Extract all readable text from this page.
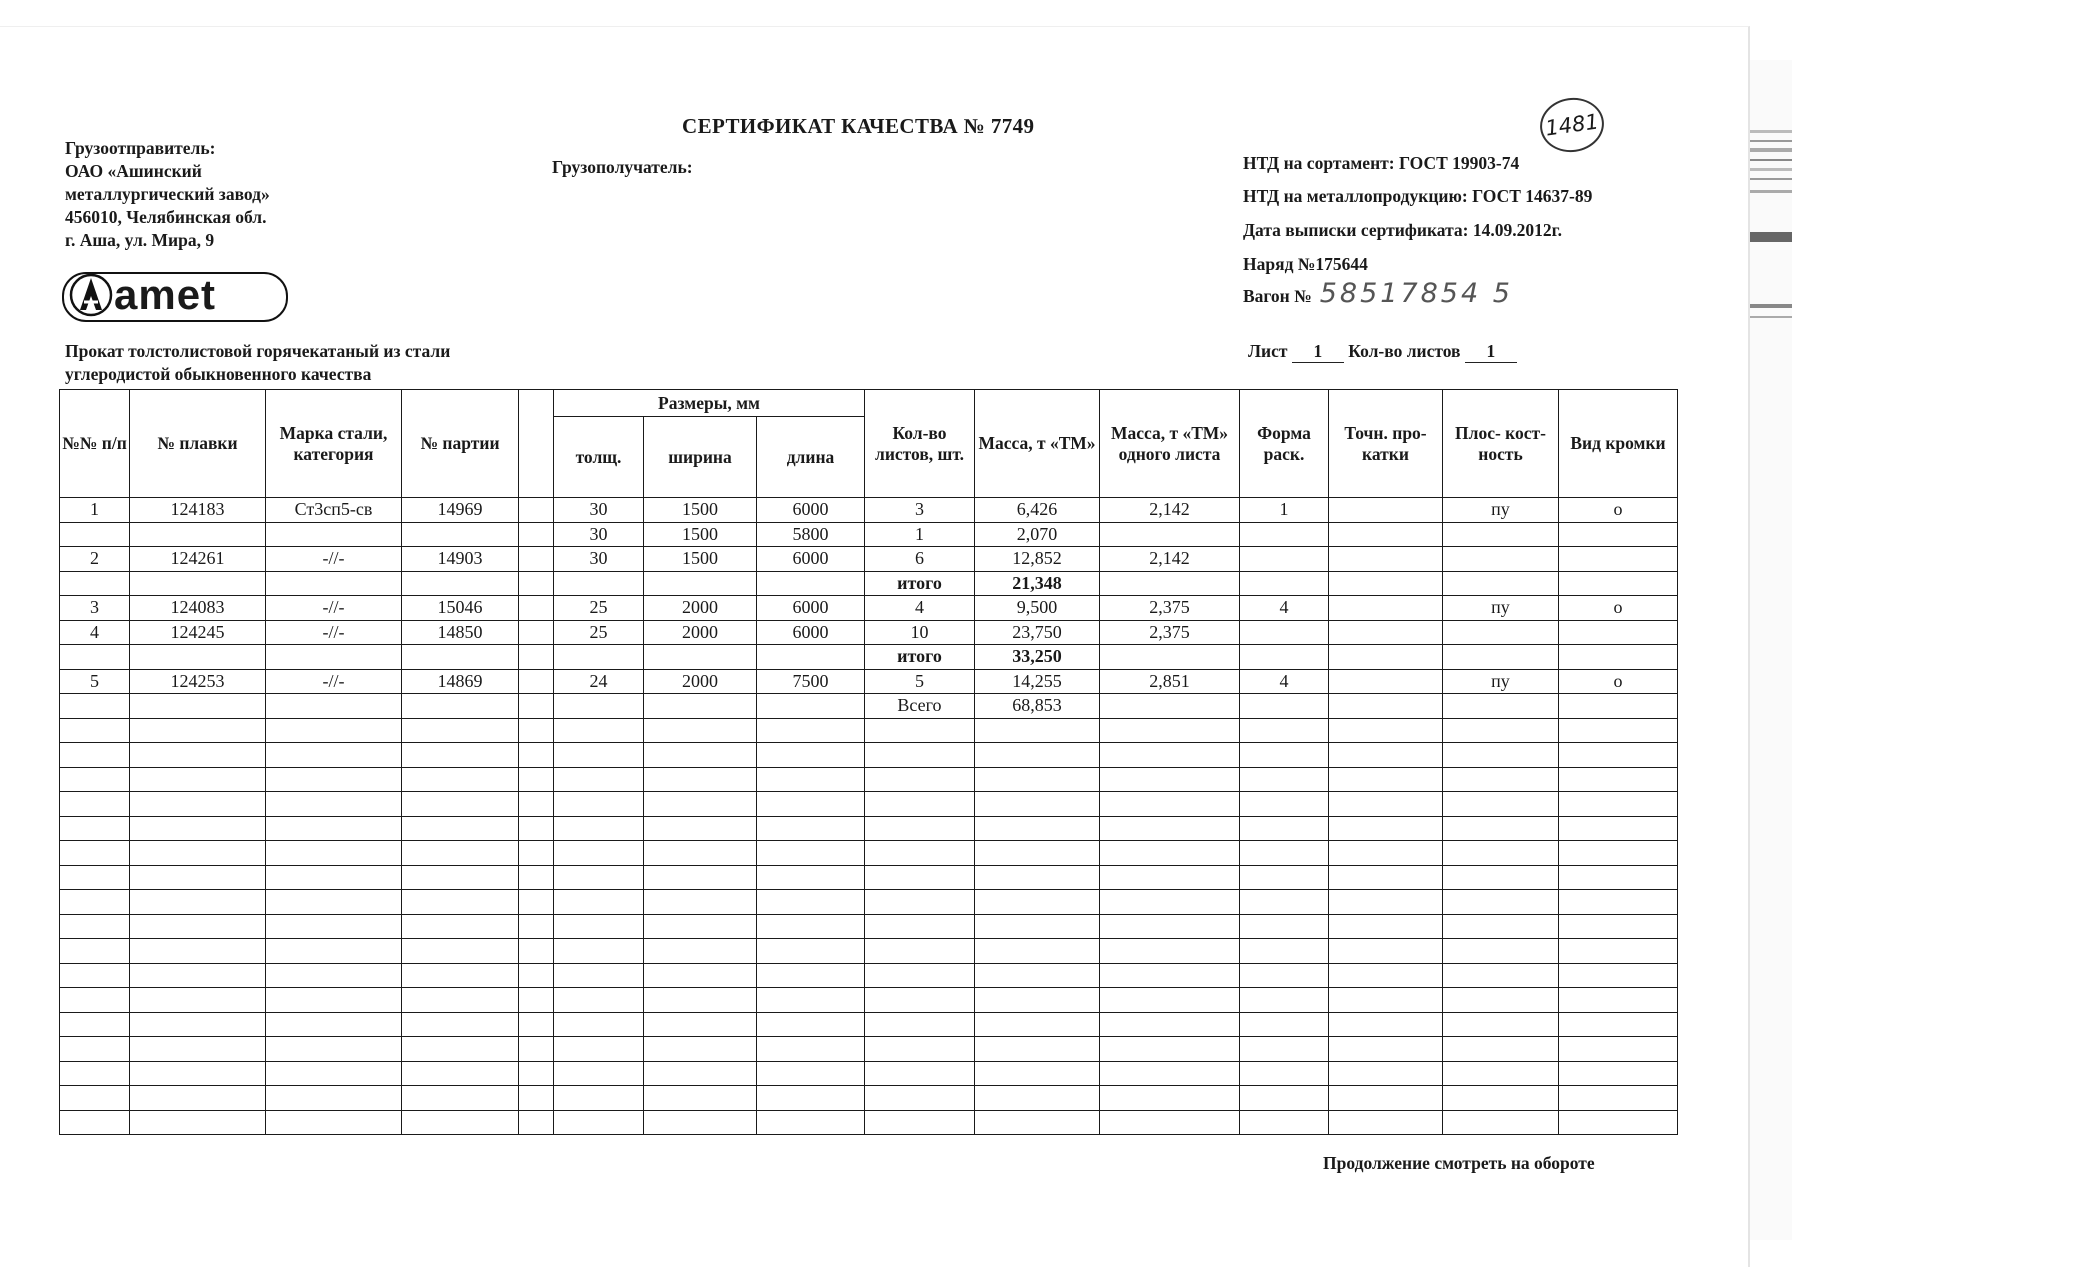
СЕРТИФИКАТ КАЧЕСТВА № 7749	1481
Грузоотправитель:
ОАО «Ашинский
металлургический завод»
456010, Челябинская обл.
г. Аша, ул. Мира, 9
Грузополучатель:	НТД на сортамент: ГОСТ 19903-74
НТД на металлопродукцию: ГОСТ 14637-89
Дата выписки сертификата: 14.09.2012г.
Наряд №175644
Вагон № 58517854 5
amet
Прокат толстолистовой горячекатаный из стали
углеродистой обыкновенного качества
Лист 1 Кол-во листов 1
№№ п/п	№ плавки	Марка стали, категория	№ партии		Размеры, мм			Кол-во листов, шт.	Масса, т «ТМ»	Масса, т «ТМ» одного листа	Форма раск.	Точн. про- катки	Плос- кост- ность	Вид кромки
					толщ.	ширина	длина							
1	124183	Ст3сп5-св	14969		30	1500	6000	3	6,426	2,142	1		пу	о
					30	1500	5800	1	2,070					
2	124261	-//-	14903		30	1500	6000	6	12,852	2,142				
								итого	21,348					
3	124083	-//-	15046		25	2000	6000	4	9,500	2,375	4		пу	о
4	124245	-//-	14850		25	2000	6000	10	23,750	2,375				
								итого	33,250					
5	124253	-//-	14869		24	2000	7500	5	14,255	2,851	4		пу	о
								Всего	68,853					

Продолжение смотреть на обороте
